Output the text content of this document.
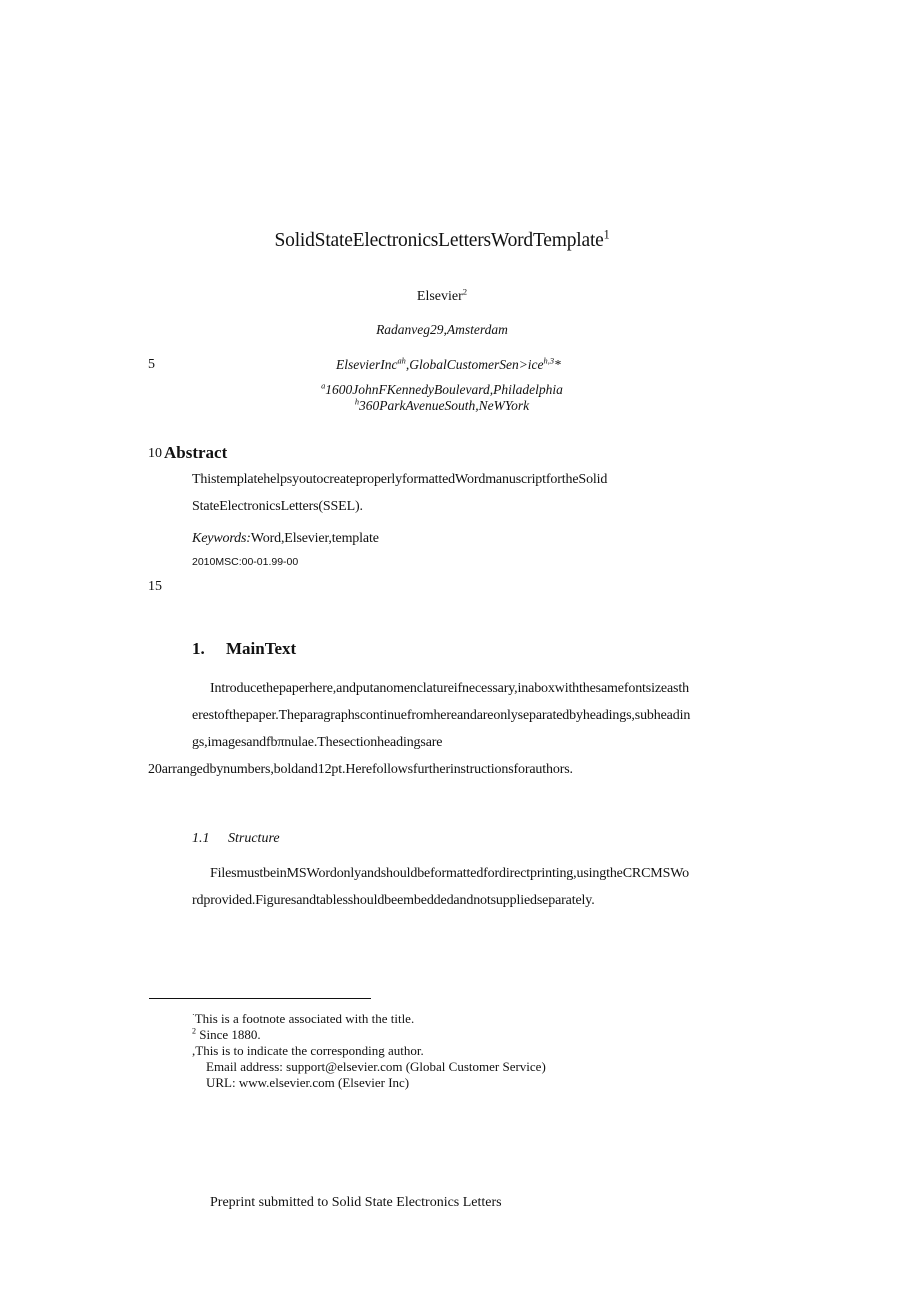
SolidStateElectronicsLettersWordTemplate$^1$
Elsevier$^2$
Radanveg29,Amsterdam
5	ElsevierInc$^{ah}$,GlobalCustomerSen>ice$^{h,3}$*
$^a$1600JohnFKennedyBoulevard,Philadelphia
$^h$360ParkAvenueSouth,NeWYork
10 Abstract
ThistemplatehelpsyoutocreateproperlyformattedWordmanuscriptfortheSolid
StateElectronicsLetters(SSEL).
Keywords:Word,Elsevier,template
2010MSC:00-01.99-00
15
1. MainText
Introducethepaperhere,andputanomenclatureifnecessary,inaboxwiththesamefontsizeasth
erestofthepaper.Theparagraphscontinuefromhereandareonlyseparatedbyheadings,subheadin
gs,imagesandfbπnulae.Thesectionheadingsare
20arrangedbynumbers,boldand12pt.Herefollowsfurtherinstructionsforauthors.
1.1 Structure
FilesmustbeinMSWordonlyandshouldbeformattedfordirectprinting,usingtheCRCMSWo
rdprovided.Figuresandtablesshouldbeembeddedandnotsuppliedseparately.
·This is a footnote associated with the title.
$^2$ Since 1880.
,This is to indicate the corresponding author.
Email address: support@elsevier.com (Global Customer Service)
URL: www.elsevier.com (Elsevier Inc)
Preprint submitted to Solid State Electronics Letters
